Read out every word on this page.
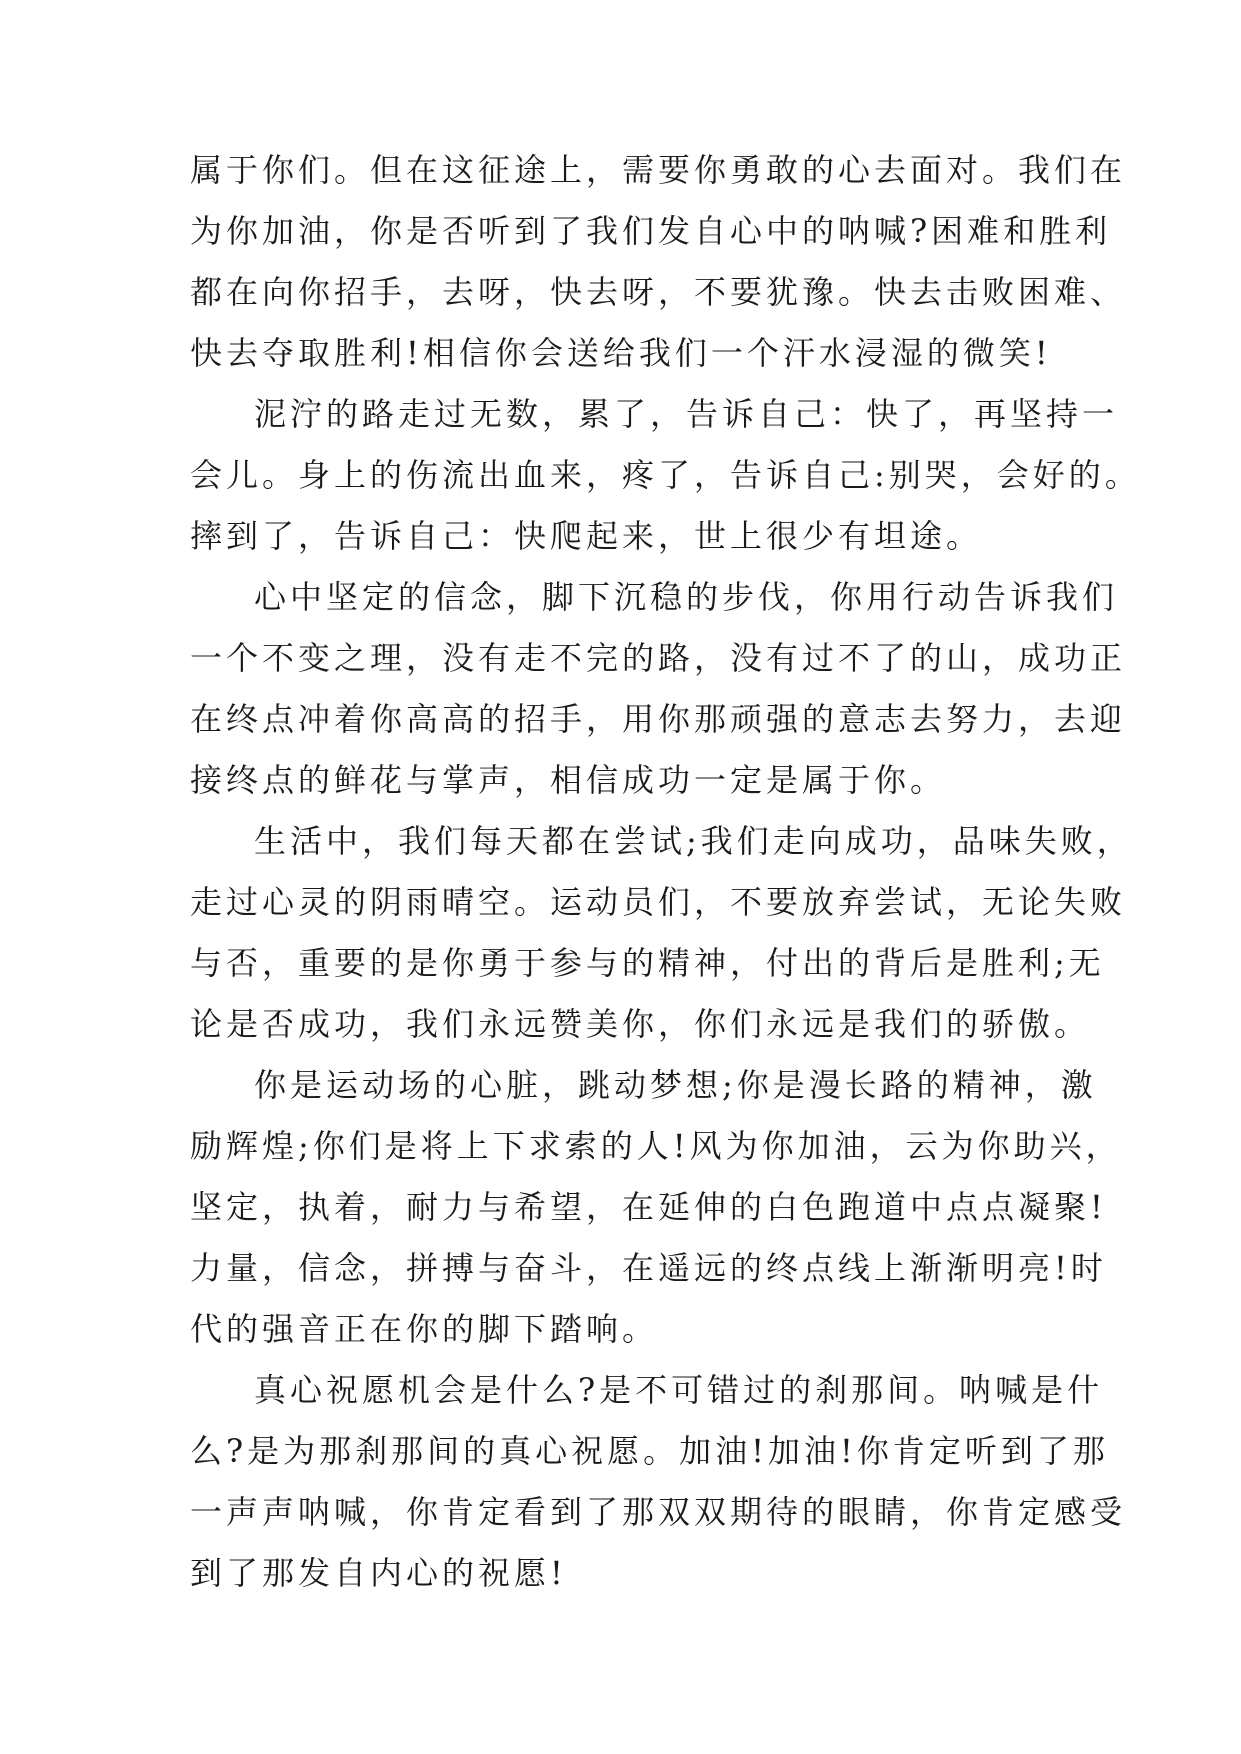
属于你们。但在这征途上，需要你勇敢的心去面对。我们在
为你加油，你是否听到了我们发自心中的呐喊?困难和胜利
都在向你招手，去呀，快去呀，不要犹豫。快去击败困难、
快去夺取胜利!相信你会送给我们一个汗水浸湿的微笑!
泥泞的路走过无数，累了，告诉自己：快了，再坚持一
会儿。身上的伤流出血来，疼了，告诉自己:别哭，会好的。
摔到了，告诉自己：快爬起来，世上很少有坦途。
心中坚定的信念，脚下沉稳的步伐，你用行动告诉我们
一个不变之理，没有走不完的路，没有过不了的山，成功正
在终点冲着你高高的招手，用你那顽强的意志去努力，去迎
接终点的鲜花与掌声，相信成功一定是属于你。
生活中，我们每天都在尝试;我们走向成功，品味失败，
走过心灵的阴雨晴空。运动员们，不要放弃尝试，无论失败
与否，重要的是你勇于参与的精神，付出的背后是胜利;无
论是否成功，我们永远赞美你，你们永远是我们的骄傲。
你是运动场的心脏，跳动梦想;你是漫长路的精神，激
励辉煌;你们是将上下求索的人!风为你加油，云为你助兴，
坚定，执着，耐力与希望，在延伸的白色跑道中点点凝聚!
力量，信念，拼搏与奋斗，在遥远的终点线上渐渐明亮!时
代的强音正在你的脚下踏响。
真心祝愿机会是什么?是不可错过的刹那间。呐喊是什
么?是为那刹那间的真心祝愿。加油!加油!你肯定听到了那
一声声呐喊，你肯定看到了那双双期待的眼睛，你肯定感受
到了那发自内心的祝愿!
